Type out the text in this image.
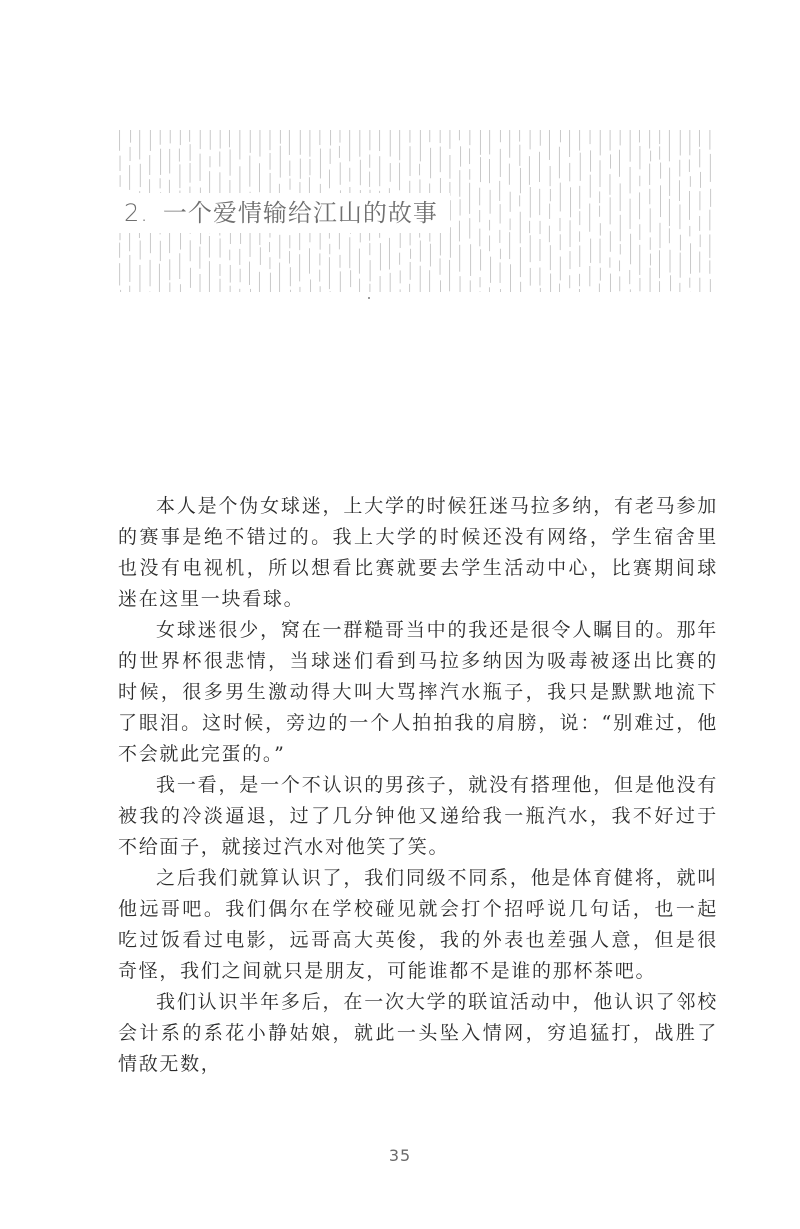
2. 一个爱情输给江山的故事

本人是个伪女球迷，上大学的时候狂迷马拉多纳，有老马参加的赛事是绝不错过的。我上大学的时候还没有网络，学生宿舍里也没有电视机，所以想看比赛就要去学生活动中心，比赛期间球迷在这里一块看球。

女球迷很少，窝在一群糙哥当中的我还是很令人瞩目的。那年的世界杯很悲情，当球迷们看到马拉多纳因为吸毒被逐出比赛的时候，很多男生激动得大叫大骂摔汽水瓶子，我只是默默地流下了眼泪。这时候，旁边的一个人拍拍我的肩膀，说：“别难过，他不会就此完蛋的。”

我一看，是一个不认识的男孩子，就没有搭理他，但是他没有被我的冷淡逼退，过了几分钟他又递给我一瓶汽水，我不好过于不给面子，就接过汽水对他笑了笑。

之后我们就算认识了，我们同级不同系，他是体育健将，就叫他远哥吧。我们偶尔在学校碰见就会打个招呼说几句话，也一起吃过饭看过电影，远哥高大英俊，我的外表也差强人意，但是很奇怪，我们之间就只是朋友，可能谁都不是谁的那杯茶吧。

我们认识半年多后，在一次大学的联谊活动中，他认识了邻校会计系的系花小静姑娘，就此一头坠入情网，穷追猛打，战胜了情敌无数，

35
